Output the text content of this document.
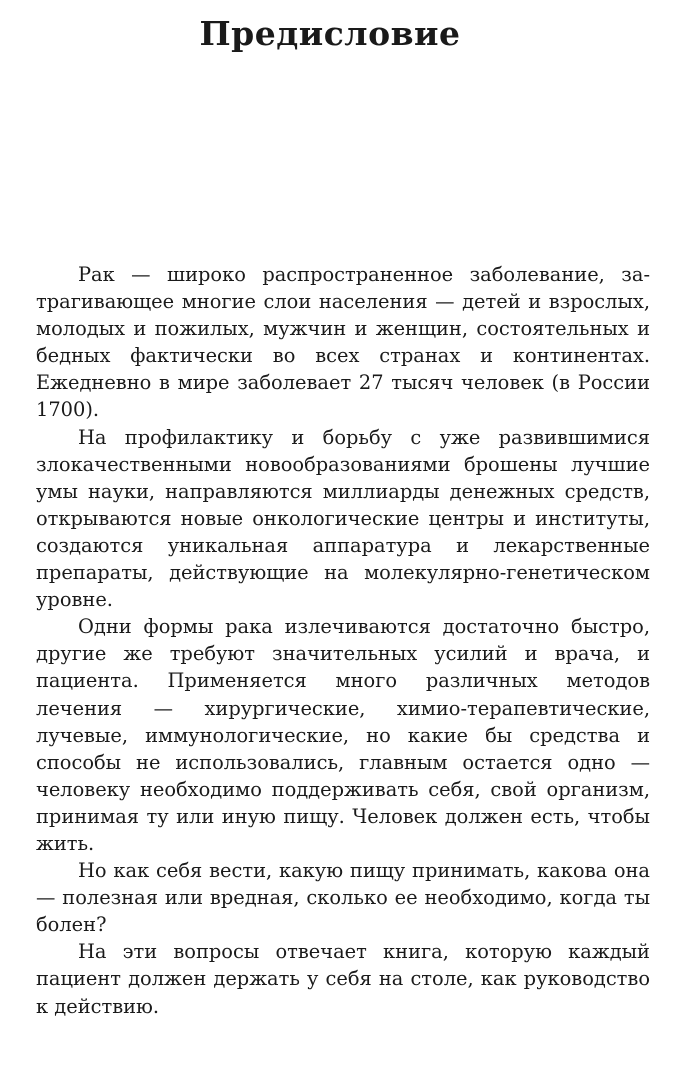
Предисловие

Рак — широко распространенное заболевание, затрагивающее многие слои населения — детей и взрослых, молодых и пожилых, мужчин и женщин, состоятельных и бедных фактически во всех странах и континентах. Ежедневно в мире заболевает 27 тысяч человек (в России 1700).

На профилактику и борьбу с уже развившимися злокачественными новообразованиями брошены лучшие умы науки, направляются миллиарды денежных средств, открываются новые онкологические центры и институты, создаются уникальная аппаратура и лекарственные препараты, действующие на молекулярно-генетическом уровне.

Одни формы рака излечиваются достаточно быстро, другие же требуют значительных усилий и врача, и пациента. Применяется много различных методов лечения — хирургические, химио-терапевтические, лучевые, иммунологические, но какие бы средства и способы не использовались, главным остается одно — человеку необходимо поддерживать себя, свой организм, принимая ту или иную пищу. Человек должен есть, чтобы жить.

Но как себя вести, какую пищу принимать, какова она — полезная или вредная, сколько ее необходимо, когда ты болен?

На эти вопросы отвечает книга, которую каждый пациент должен держать у себя на столе, как руководство к действию.
